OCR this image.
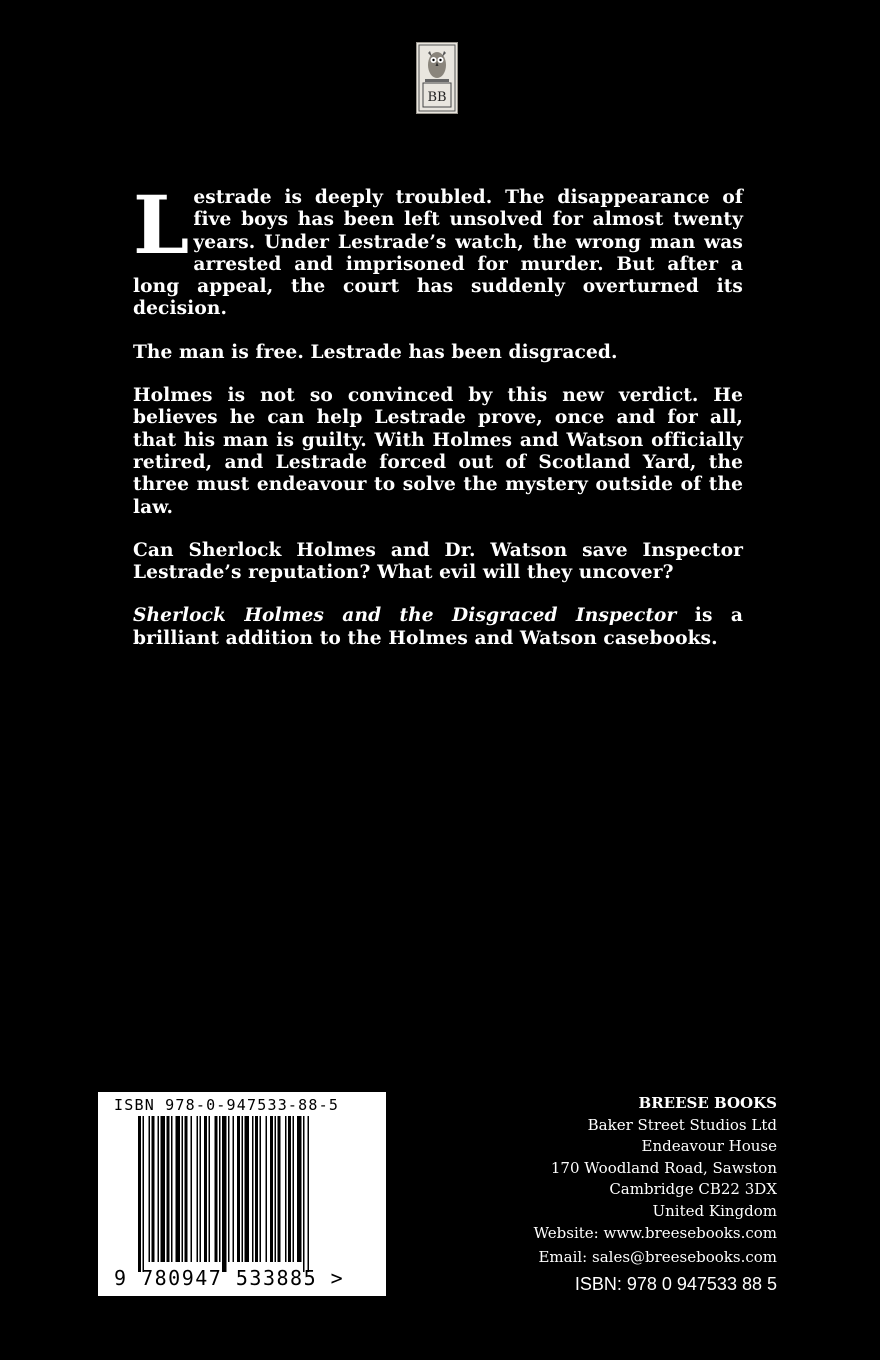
BB

Lestrade is deeply troubled. The disappearance of five boys has been left unsolved for almost twenty years. Under Lestrade’s watch, the wrong man was arrested and imprisoned for murder. But after a long appeal, the court has suddenly overturned its decision.

The man is free. Lestrade has been disgraced.

Holmes is not so convinced by this new verdict. He believes he can help Lestrade prove, once and for all, that his man is guilty. With Holmes and Watson officially retired, and Lestrade forced out of Scotland Yard, the three must endeavour to solve the mystery outside of the law.

Can Sherlock Holmes and Dr. Watson save Inspector Lestrade’s reputation? What evil will they uncover?

Sherlock Holmes and the Disgraced Inspector is a brilliant addition to the Holmes and Watson casebooks.

ISBN 978-0-947533-88-5
9 780947 533885 >
BREESE BOOKS
Baker Street Studios Ltd
Endeavour House
170 Woodland Road, Sawston
Cambridge CB22 3DX
United Kingdom
Website: www.breesebooks.com
Email: sales@breesebooks.com
ISBN: 978 0 947533 88 5
